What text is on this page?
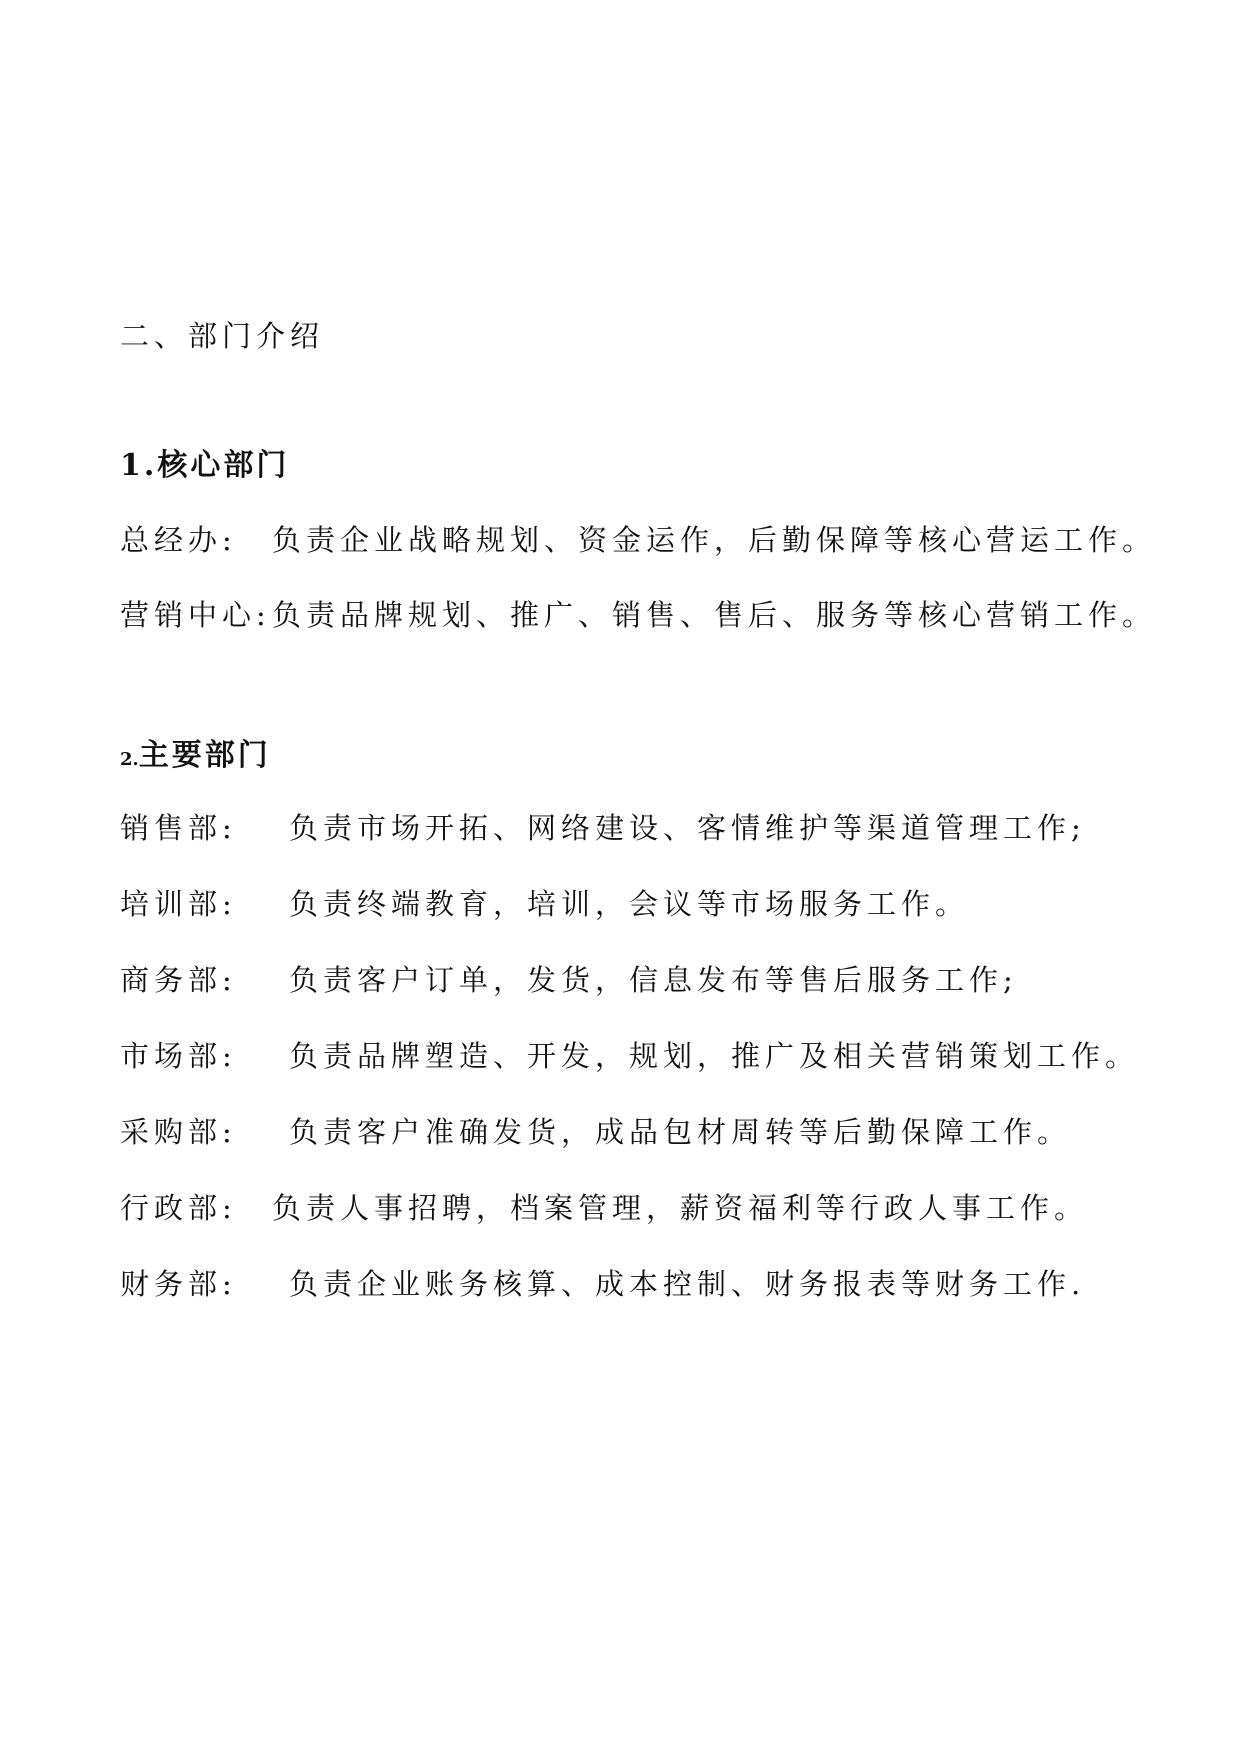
二、部门介绍
1.核心部门
总经办: 负责企业战略规划、资金运作，后勤保障等核心营运工作。
营销中心:负责品牌规划、推广、销售、售后、服务等核心营销工作。
2.主要部门
销售部: 负责市场开拓、网络建设、客情维护等渠道管理工作;
培训部: 负责终端教育，培训，会议等市场服务工作。
商务部: 负责客户订单，发货，信息发布等售后服务工作;
市场部: 负责品牌塑造、开发，规划，推广及相关营销策划工作。
采购部: 负责客户准确发货，成品包材周转等后勤保障工作。
行政部: 负责人事招聘，档案管理，薪资福利等行政人事工作。
财务部: 负责企业账务核算、成本控制、财务报表等财务工作.
